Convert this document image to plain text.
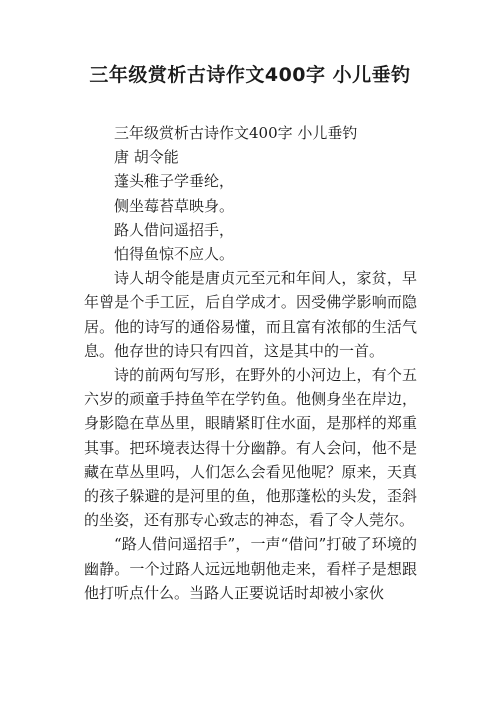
三年级赏析古诗作文400字 小儿垂钓

三年级赏析古诗作文400字 小儿垂钓

唐 胡令能

蓬头稚子学垂纶，

侧坐莓苔草映身。

路人借问遥招手，

怕得鱼惊不应人。

诗人胡令能是唐贞元至元和年间人，家贫，早年曾是个手工匠，后自学成才。因受佛学影响而隐居。他的诗写的通俗易懂，而且富有浓郁的生活气息。他存世的诗只有四首，这是其中的一首。

诗的前两句写形，在野外的小河边上，有个五六岁的顽童手持鱼竿在学钓鱼。他侧身坐在岸边，身影隐在草丛里，眼睛紧盯住水面，是那样的郑重其事。把环境表达得十分幽静。有人会问，他不是藏在草丛里吗，人们怎么会看见他呢？原来，天真的孩子躲避的是河里的鱼，他那蓬松的头发，歪斜的坐姿，还有那专心致志的神态，看了令人莞尔。

“路人借问遥招手”，一声“借问”打破了环境的幽静。一个过路人远远地朝他走来，看样子是想跟他打听点什么。当路人正要说话时却被小家伙
